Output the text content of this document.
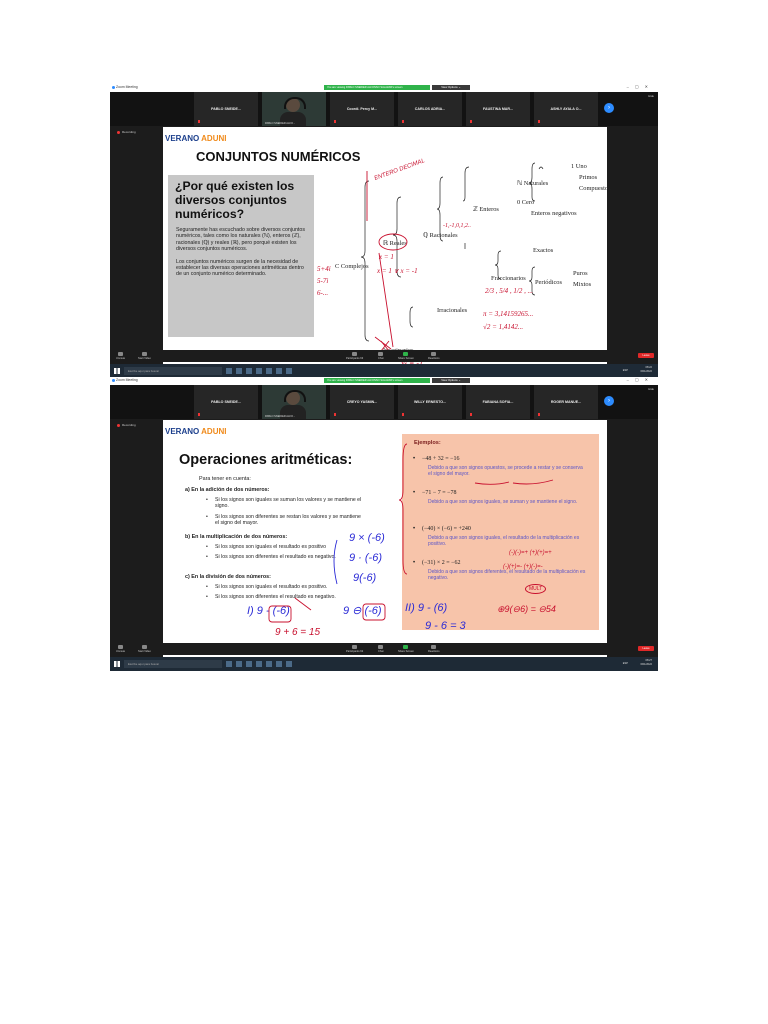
Zoom Meeting	You are viewing PABLO SNEIDER ALFONSO SALAZAR's screen	View Options ⌄	–▢✕
PABLO SNEIDE...
PABLO SNEIDER ALFO...
Coordi. Percy M...	CARLOS ADRIA...	FAUSTINA MAR...	ASHLY AYALA O...	›
Hide
Recording
VERANO ADUNI
CONJUNTOS NUMÉRICOS
¿Por qué existen los diversos conjuntos numéricos?

Seguramente has escuchado sobre diversos conjuntos numéricos, tales como los naturales (ℕ), enteros (ℤ), racionales (ℚ) y reales (ℝ), pero porqué existen los diversos conjuntos numéricos.

Los conjuntos numéricos surgen de la necesidad de establecer las diversas operaciones aritméticas dentro de un conjunto numérico determinado.

C Complejos
ℝ Reales
ℚ Racionales
ℤ Enteros
ℕ Naturales
1 Uno
Primos
Compuestos
0 Cero
Enteros negativos
Fraccionarios
Exactos
Periódicos
Puros
Mixtos
Irracionales
ENTERO DECIMAL
-1,-1,0,1,2..
2/3 , 5/4 , 1/2 , ...
π = 3,14159265...
√2 = 1,4142...
x = 1
x = 1 ∨ x = -1
5+4i
5-7i
6-...
Unmute	Start Video	Participants 63	Chat	Share Screen	Reactions
Leave
Escribe aquí para buscar	ESP
08:22
6/01/2022
Zoom Meeting	You are viewing PABLO SNEIDER ALFONSO SALAZAR's screen	View Options ⌄	–▢✕
PABLO SNEIDE...
PABLO SNEIDER ALFO...
CREYO YASMIN...	WILLY ERNESTO...	FABIANA SOFIA...	ROGER MANUE...	›
Hide
Recording
VERANO ADUNI
Operaciones aritméticas:
Para tener en cuenta:
a) En la adición de dos números:
• Si los signos son iguales se suman los valores y se mantiene el signo.
• Si los signos son diferentes se restan los valores y se mantiene el signo del mayor.
b) En la multiplicación de dos números:
• Si los signos son iguales el resultado es positivo
• Si los signos son diferentes el resultado es negativo.
c) En la división de dos números:
• Si los signos son iguales el resultado es positivo.
• Si los signos son diferentes el resultado es negativo.
Ejemplos:
• −48 + 32 = −16
Debido a que son signos opuestos, se procede a restar y se conserva el signo del mayor.
• −71 − 7 = −78
Debido a que son signos iguales, se suman y se mantiene el signo.
• (−40) × (−6) = +240
Debido a que son signos iguales, el resultado de la multiplicación es positivo.
• (−31) × 2 = −62
Debido a que son signos diferentes, el resultado de la multiplicación es negativo.
9 × (-6)
9 · (-6)
9(-6)
I) 9 - (-6)
9 + 6 = 15
9 ⊖ (-6) II) 9 - (6)
9 - 6 = 3
⊕9(⊖6) = ⊖54
(-)(-)=+ (+)(+)=+
(-)(+)=- (+)(-)=-
MULT
Unmute	Start Video	Participants 62	Chat	Share Screen	Reactions
Leave
Escribe aquí para buscar	ESP
08:27
6/01/2022
